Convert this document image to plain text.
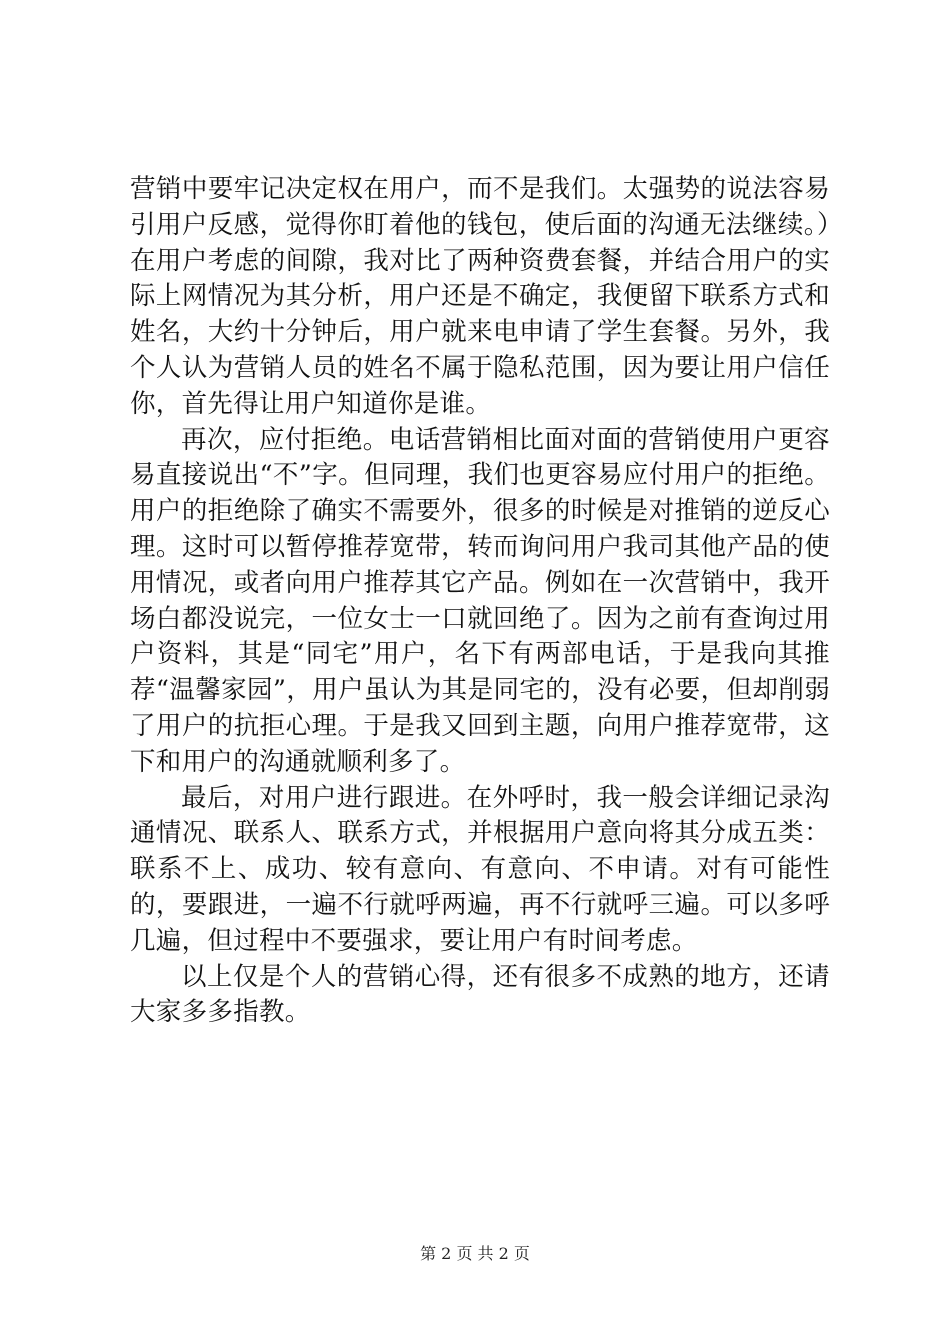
营销中要牢记决定权在用户，而不是我们。太强势的说法容易引用户反感，觉得你盯着他的钱包，使后面的沟通无法继续。）在用户考虑的间隙，我对比了两种资费套餐，并结合用户的实际上网情况为其分析，用户还是不确定，我便留下联系方式和姓名，大约十分钟后，用户就来电申请了学生套餐。另外，我个人认为营销人员的姓名不属于隐私范围，因为要让用户信任你，首先得让用户知道你是谁。

再次，应付拒绝。电话营销相比面对面的营销使用户更容易直接说出“不”字。但同理，我们也更容易应付用户的拒绝。用户的拒绝除了确实不需要外，很多的时候是对推销的逆反心理。这时可以暂停推荐宽带，转而询问用户我司其他产品的使用情况，或者向用户推荐其它产品。例如在一次营销中，我开场白都没说完，一位女士一口就回绝了。因为之前有查询过用户资料，其是“同宅”用户，名下有两部电话，于是我向其推荐“温馨家园”，用户虽认为其是同宅的，没有必要，但却削弱了用户的抗拒心理。于是我又回到主题，向用户推荐宽带，这下和用户的沟通就顺利多了。

最后，对用户进行跟进。在外呼时，我一般会详细记录沟通情况、联系人、联系方式，并根据用户意向将其分成五类：联系不上、成功、较有意向、有意向、不申请。对有可能性的，要跟进，一遍不行就呼两遍，再不行就呼三遍。可以多呼几遍，但过程中不要强求，要让用户有时间考虑。

以上仅是个人的营销心得，还有很多不成熟的地方，还请大家多多指教。

第 2 页 共 2 页
